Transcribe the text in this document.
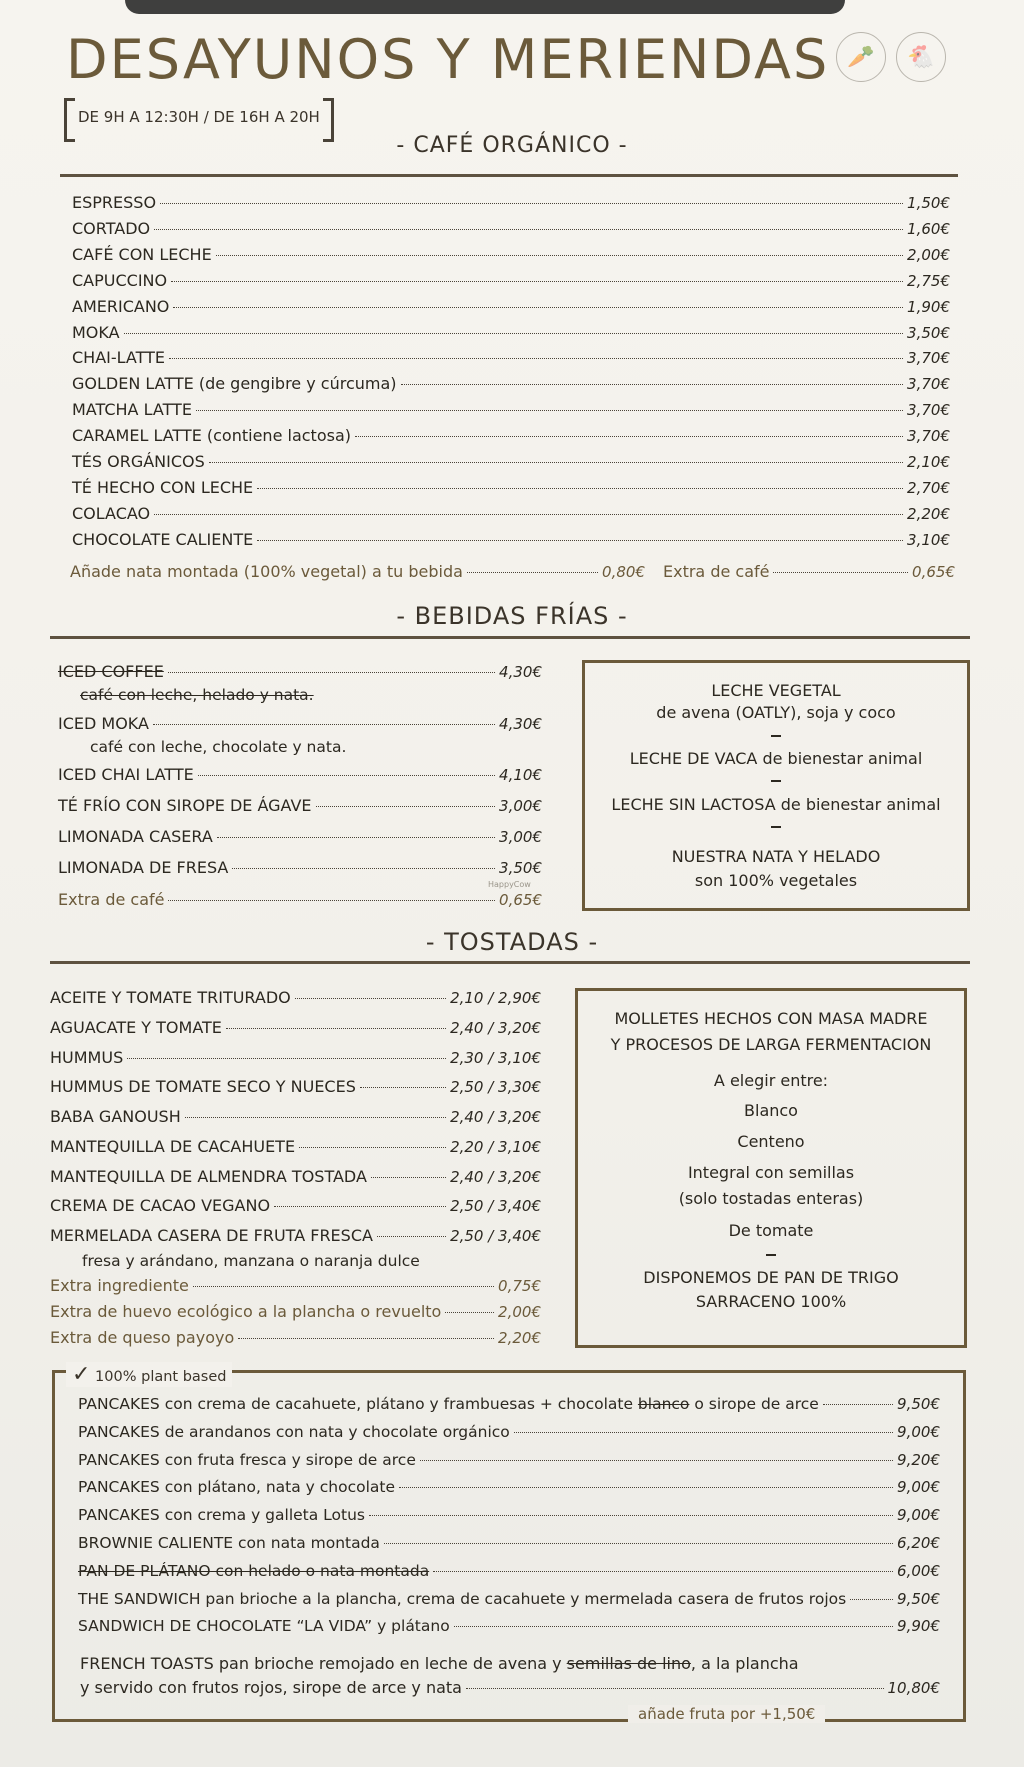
DESAYUNOS Y MERIENDAS
DE 9H A 12:30H / DE 16H A 20H
🥕	🐔
- CAFÉ ORGÁNICO -
ESPRESSO	1,50€
CORTADO	1,60€
CAFÉ CON LECHE	2,00€
CAPUCCINO	2,75€
AMERICANO	1,90€
MOKA	3,50€
CHAI-LATTE	3,70€
GOLDEN LATTE (de gengibre y cúrcuma)	3,70€
MATCHA LATTE	3,70€
CARAMEL LATTE (contiene lactosa)	3,70€
TÉS ORGÁNICOS	2,10€
TÉ HECHO CON LECHE	2,70€
COLACAO	2,20€
CHOCOLATE CALIENTE	3,10€
Añade nata montada (100% vegetal) a tu bebida	0,80€ Extra de café	0,65€
- BEBIDAS FRÍAS -
ICED COFFEE	4,30€
café con leche, helado y nata.
ICED MOKA	4,30€
café con leche, chocolate y nata.
ICED CHAI LATTE	4,10€
TÉ FRÍO CON SIROPE DE ÁGAVE	3,00€
LIMONADA CASERA	3,00€
LIMONADA DE FRESA	3,50€
Extra de café	0,65€
LECHE VEGETAL
de avena (OATLY), soja y coco
LECHE DE VACA de bienestar animal
LECHE SIN LACTOSA de bienestar animal
NUESTRA NATA Y HELADO
son 100% vegetales
HappyCow
- TOSTADAS -
ACEITE Y TOMATE TRITURADO	2,10 / 2,90€
AGUACATE Y TOMATE	2,40 / 3,20€
HUMMUS	2,30 / 3,10€
HUMMUS DE TOMATE SECO Y NUECES	2,50 / 3,30€
BABA GANOUSH	2,40 / 3,20€
MANTEQUILLA DE CACAHUETE	2,20 / 3,10€
MANTEQUILLA DE ALMENDRA TOSTADA	2,40 / 3,20€
CREMA DE CACAO VEGANO	2,50 / 3,40€
MERMELADA CASERA DE FRUTA FRESCA	2,50 / 3,40€
fresa y arándano, manzana o naranja dulce
Extra ingrediente	0,75€
Extra de huevo ecológico a la plancha o revuelto	2,00€
Extra de queso payoyo	2,20€
MOLLETES HECHOS CON MASA MADRE
Y PROCESOS DE LARGA FERMENTACION
A elegir entre:
Blanco
Centeno
Integral con semillas
(solo tostadas enteras)
De tomate
DISPONEMOS DE PAN DE TRIGO
SARRACENO 100%
✓ 100% plant based
PANCAKES con crema de cacahuete, plátano y frambuesas + chocolate blanco o sirope de arce	9,50€
PANCAKES de arandanos con nata y chocolate orgánico	9,00€
PANCAKES con fruta fresca y sirope de arce	9,20€
PANCAKES con plátano, nata y chocolate	9,00€
PANCAKES con crema y galleta Lotus	9,00€
BROWNIE CALIENTE con nata montada	6,20€
PAN DE PLÁTANO con helado o nata montada	6,00€
THE SANDWICH pan brioche a la plancha, crema de cacahuete y mermelada casera de frutos rojos	9,50€
SANDWICH DE CHOCOLATE “LA VIDA” y plátano	9,90€
FRENCH TOASTS pan brioche remojado en leche de avena y semillas de lino, a la plancha
y servido con frutos rojos, sirope de arce y nata	10,80€
añade fruta por +1,50€
